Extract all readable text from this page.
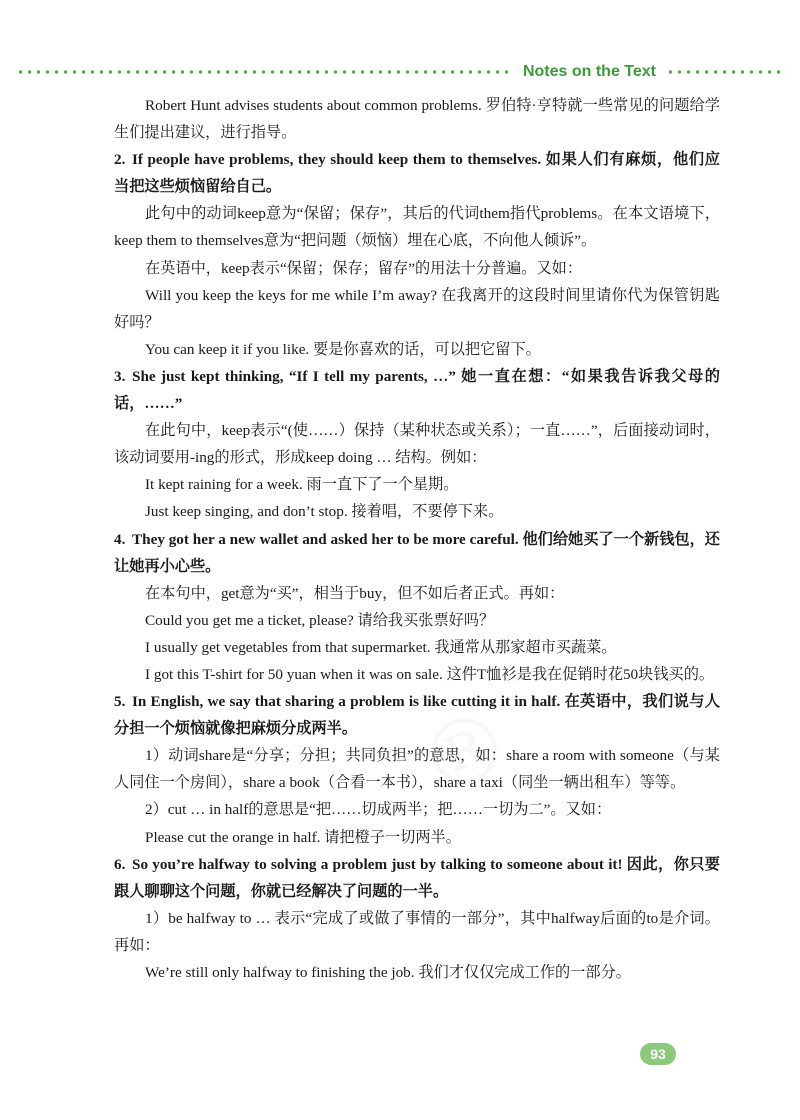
Notes on the Text

Robert Hunt advises students about common problems. 罗伯特·亨特就一些常见的问题给学生们提出建议，进行指导。

2. If people have problems, they should keep them to themselves. 如果人们有麻烦，他们应当把这些烦恼留给自己。

此句中的动词keep意为“保留；保存”，其后的代词them指代problems。在本文语境下，keep them to themselves意为“把问题（烦恼）埋在心底，不向他人倾诉”。

在英语中，keep表示“保留；保存；留存”的用法十分普遍。又如：

Will you keep the keys for me while I’m away? 在我离开的这段时间里请你代为保管钥匙好吗？

You can keep it if you like. 要是你喜欢的话，可以把它留下。

3. She just kept thinking, “If I tell my parents, …” 她一直在想：“如果我告诉我父母的话，……”

在此句中，keep表示“(使……）保持（某种状态或关系）；一直……”，后面接动词时，该动词要用-ing的形式，形成keep doing … 结构。例如：

It kept raining for a week. 雨一直下了一个星期。

Just keep singing, and don’t stop. 接着唱，不要停下来。

4. They got her a new wallet and asked her to be more careful. 他们给她买了一个新钱包，还让她再小心些。

在本句中，get意为“买”，相当于buy，但不如后者正式。再如：

Could you get me a ticket, please? 请给我买张票好吗？

I usually get vegetables from that supermarket. 我通常从那家超市买蔬菜。

I got this T-shirt for 50 yuan when it was on sale. 这件T恤衫是我在促销时花50块钱买的。

5. In English, we say that sharing a problem is like cutting it in half. 在英语中，我们说与人分担一个烦恼就像把麻烦分成两半。

1）动词share是“分享；分担；共同负担”的意思，如：share a room with someone（与某人同住一个房间），share a book（合看一本书），share a taxi（同坐一辆出租车）等等。

2）cut … in half的意思是“把……切成两半；把……一切为二”。又如：

Please cut the orange in half. 请把橙子一切两半。

6. So you’re halfway to solving a problem just by talking to someone about it! 因此，你只要跟人聊聊这个问题，你就已经解决了问题的一半。

1）be halfway to … 表示“完成了或做了事情的一部分”，其中halfway后面的to是介词。再如：

We’re still only halfway to finishing the job. 我们才仅仅完成工作的一部分。

93
